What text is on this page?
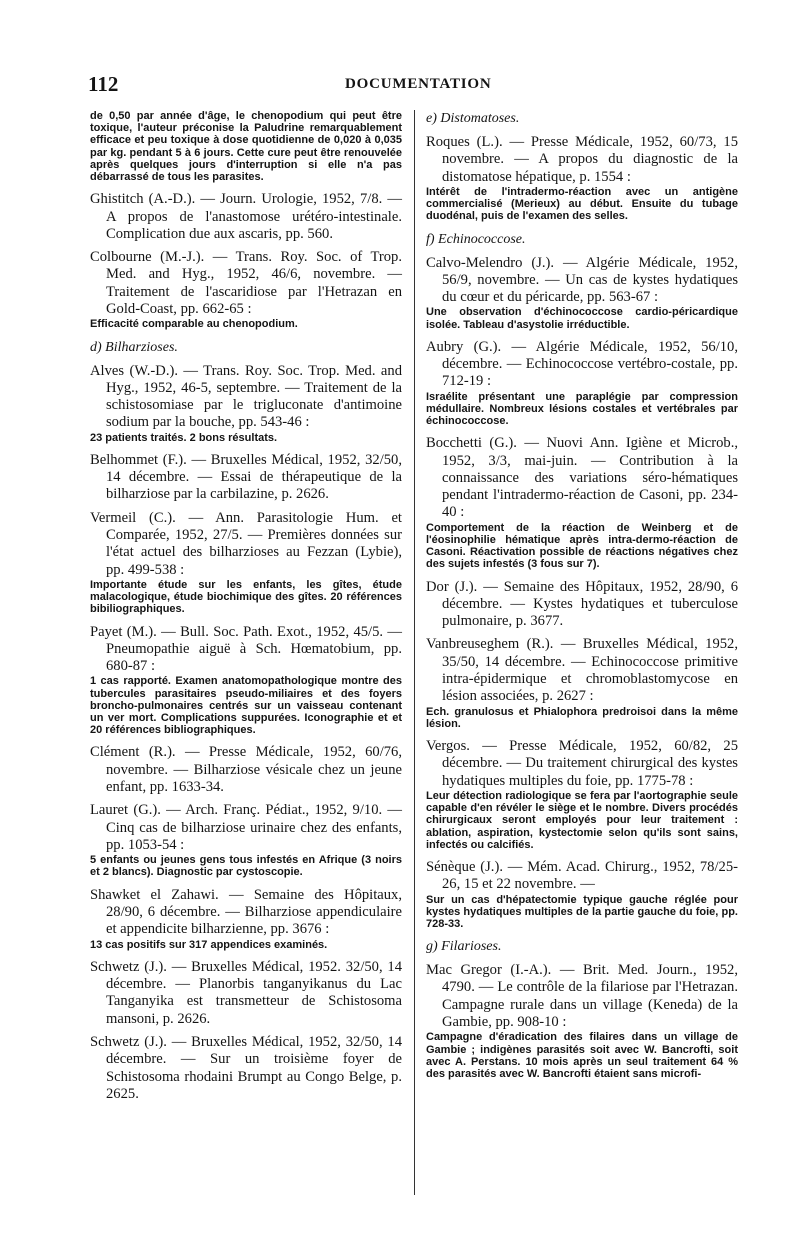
112	DOCUMENTATION

de 0,50 par année d'âge, le chenopodium qui peut être toxique, l'auteur préconise la Paludrine remarquablement efficace et peu toxique à dose quotidienne de 0,020 à 0,035 par kg. pendant 5 à 6 jours. Cette cure peut être renouvelée après quelques jours d'interruption si elle n'a pas débarrassé de tous les parasites.

Ghistitch (A.-D.). — Journ. Urologie, 1952, 7/8. — A propos de l'anastomose urétéro-intestinale. Complication due aux ascaris, pp. 560.

Colbourne (M.-J.). — Trans. Roy. Soc. of Trop. Med. and Hyg., 1952, 46/6, novembre. — Traitement de l'ascaridiose par l'Hetrazan en Gold-Coast, pp. 662-65 :

Efficacité comparable au chenopodium.

d) Bilharzioses.

Alves (W.-D.). — Trans. Roy. Soc. Trop. Med. and Hyg., 1952, 46-5, septembre. — Traitement de la schistosomiase par le trigluconate d'antimoine sodium par la bouche, pp. 543-46 :

23 patients traités. 2 bons résultats.

Belhommet (F.). — Bruxelles Médical, 1952, 32/50, 14 décembre. — Essai de thérapeutique de la bilharziose par la carbilazine, p. 2626.

Vermeil (C.). — Ann. Parasitologie Hum. et Comparée, 1952, 27/5. — Premières données sur l'état actuel des bilharzioses au Fezzan (Lybie), pp. 499-538 :

Importante étude sur les enfants, les gîtes, étude malacologique, étude biochimique des gîtes. 20 références bibiliographiques.

Payet (M.). — Bull. Soc. Path. Exot., 1952, 45/5. — Pneumopathie aiguë à Sch. Hœmatobium, pp. 680-87 :

1 cas rapporté. Examen anatomopathologique montre des tubercules parasitaires pseudo-miliaires et des foyers broncho-pulmonaires centrés sur un vaisseau contenant un ver mort. Complications suppurées. Iconographie et et 20 références bibliographiques.

Clément (R.). — Presse Médicale, 1952, 60/76, novembre. — Bilharziose vésicale chez un jeune enfant, pp. 1633-34.

Lauret (G.). — Arch. Franç. Pédiat., 1952, 9/10. — Cinq cas de bilharziose urinaire chez des enfants, pp. 1053-54 :

5 enfants ou jeunes gens tous infestés en Afrique (3 noirs et 2 blancs). Diagnostic par cystoscopie.

Shawket el Zahawi. — Semaine des Hôpitaux, 28/90, 6 décembre. — Bilharziose appendiculaire et appendicite bilharzienne, pp. 3676 :

13 cas positifs sur 317 appendices examinés.

Schwetz (J.). — Bruxelles Médical, 1952. 32/50, 14 décembre. — Planorbis tanganyikanus du Lac Tanganyika est transmetteur de Schistosoma mansoni, p. 2626.

Schwetz (J.). — Bruxelles Médical, 1952, 32/50, 14 décembre. — Sur un troisième foyer de Schistosoma rhodaini Brumpt au Congo Belge, p. 2625.

e) Distomatoses.

Roques (L.). — Presse Médicale, 1952, 60/73, 15 novembre. — A propos du diagnostic de la distomatose hépatique, p. 1554 :

Intérêt de l'intradermo-réaction avec un antigène commercialisé (Merieux) au début. Ensuite du tubage duodénal, puis de l'examen des selles.

f) Echinococcose.

Calvo-Melendro (J.). — Algérie Médicale, 1952, 56/9, novembre. — Un cas de kystes hydatiques du cœur et du péricarde, pp. 563-67 :

Une observation d'échinococcose cardio-péricardique isolée. Tableau d'asystolie irréductible.

Aubry (G.). — Algérie Médicale, 1952, 56/10, décembre. — Echinococcose vertébro-costale, pp. 712-19 :

Israélite présentant une paraplégie par compression médullaire. Nombreux lésions costales et vertébrales par échinococcose.

Bocchetti (G.). — Nuovi Ann. Igiène et Microb., 1952, 3/3, mai-juin. — Contribution à la connaissance des variations séro-hématiques pendant l'intradermo-réaction de Casoni, pp. 234-40 :

Comportement de la réaction de Weinberg et de l'éosinophilie hématique après intra-dermo-réaction de Casoni. Réactivation possible de réactions négatives chez des sujets infestés (3 fous sur 7).

Dor (J.). — Semaine des Hôpitaux, 1952, 28/90, 6 décembre. — Kystes hydatiques et tuberculose pulmonaire, p. 3677.

Vanbreuseghem (R.). — Bruxelles Médical, 1952, 35/50, 14 décembre. — Echinococcose primitive intra-épidermique et chromoblastomycose en lésion associées, p. 2627 :

Ech. granulosus et Phialophora predroisoi dans la même lésion.

Vergos. — Presse Médicale, 1952, 60/82, 25 décembre. — Du traitement chirurgical des kystes hydatiques multiples du foie, pp. 1775-78 :

Leur détection radiologique se fera par l'aortographie seule capable d'en révéler le siège et le nombre. Divers procédés chirurgicaux seront employés pour leur traitement : ablation, aspiration, kystectomie selon qu'ils sont sains, infectés ou calcifiés.

Sénèque (J.). — Mém. Acad. Chirurg., 1952, 78/25-26, 15 et 22 novembre. —

Sur un cas d'hépatectomie typique gauche réglée pour kystes hydatiques multiples de la partie gauche du foie, pp. 728-33.

g) Filarioses.

Mac Gregor (I.-A.). — Brit. Med. Journ., 1952, 4790. — Le contrôle de la filariose par l'Hetrazan. Campagne rurale dans un village (Keneda) de la Gambie, pp. 908-10 :

Campagne d'éradication des filaires dans un village de Gambie ; indigènes parasités soit avec W. Bancrofti, soit avec A. Perstans. 10 mois après un seul traitement 64 % des parasités avec W. Bancrofti étaient sans microfi-
